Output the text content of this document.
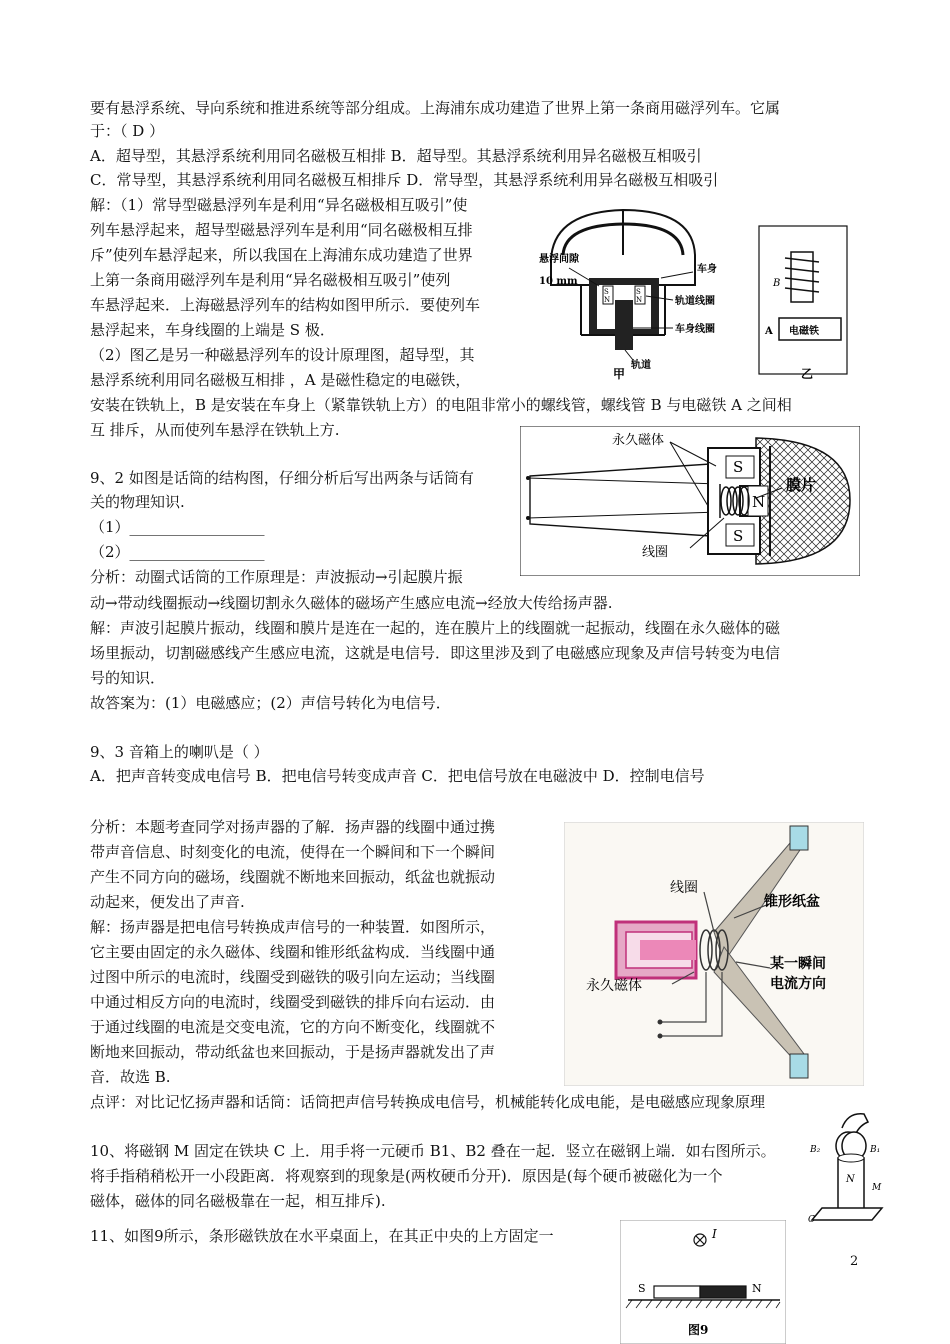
要有悬浮系统、导向系统和推进系统等部分组成。上海浦东成功建造了世界上第一条商用磁浮列车。它属
于：（ D ）
A．超导型，其悬浮系统利用同名磁极互相排 B．超导型。其悬浮系统利用异名磁极互相吸引
C．常导型，其悬浮系统利用同名磁极互相排斥 D．常导型，其悬浮系统利用异名磁极互相吸引
解：（1）常导型磁悬浮列车是利用“异名磁极相互吸引”使
列车悬浮起来，超导型磁悬浮列车是利用“同名磁极相互排
斥”使列车悬浮起来，所以我国在上海浦东成功建造了世界
上第一条商用磁浮列车是利用“异名磁极相互吸引”使列
车悬浮起来．上海磁悬浮列车的结构如图甲所示．要使列车
悬浮起来，车身线圈的上端是 S 极．
（2）图乙是另一种磁悬浮列车的设计原理图，超导型，其
悬浮系统利用同名磁极互相排 ，A 是磁性稳定的电磁铁，
安装在铁轨上，B 是安装在车身上（紧靠铁轨上方）的电阻非常小的螺线管，螺线管 B 与电磁铁 A 之间相
互 排斥，从而使列车悬浮在铁轨上方.
S
N
S
N
悬浮间隙
10 mm
车身
轨道线圈
车身线圈
轨道
甲
B
A 电磁铁
乙
9、2 如图是话筒的结构图，仔细分析后写出两条与话筒有
关的物理知识.
（1）__________________
（2）__________________
分析：动圈式话筒的工作原理是：声波振动→引起膜片振
动→带动线圈振动→线圈切割永久磁体的磁场产生感应电流→经放大传给扬声器.
解：声波引起膜片振动，线圈和膜片是连在一起的，连在膜片上的线圈就一起振动，线圈在永久磁体的磁
场里振动，切割磁感线产生感应电流，这就是电信号．即这里涉及到了电磁感应现象及声信号转变为电信
号的知识．
故答案为：(1）电磁感应；(2）声信号转化为电信号．
S
N
S
永久磁体
膜片
线圈
9、3 音箱上的喇叭是（ ）
A．把声音转变成电信号 B．把电信号转变成声音 C．把电信号放在电磁波中 D．控制电信号
分析：本题考查同学对扬声器的了解．扬声器的线圈中通过携
带声音信息、时刻变化的电流，使得在一个瞬间和下一个瞬间
产生不同方向的磁场，线圈就不断地来回振动，纸盆也就振动
动起来，便发出了声音.
解：扬声器是把电信号转换成声信号的一种装置．如图所示，
它主要由固定的永久磁体、线圈和锥形纸盆构成．当线圈中通
过图中所示的电流时，线圈受到磁铁的吸引向左运动；当线圈
中通过相反方向的电流时，线圈受到磁铁的排斥向右运动．由
于通过线圈的电流是交变电流，它的方向不断变化，线圈就不
断地来回振动，带动纸盆也来回振动，于是扬声器就发出了声
音．故选 B.
点评：对比记忆扬声器和话筒：话筒把声信号转换成电信号，机械能转化成电能，是电磁感应现象原理
线圈
锥形纸盆
某一瞬间
电流方向
永久磁体
10、将磁钢 M 固定在铁块 C 上．用手将一元硬币 B1、B2 叠在一起．竖立在磁钢上端．如右图所示。
将手指稍稍松开一小段距离．将观察到的现象是(两枚硬币分开)．原因是(每个硬币被磁化为一个
磁体，磁体的同名磁极靠在一起，相互排斥).
B₂	B₁
N
M
C
11、如图9所示，条形磁铁放在水平桌面上，在其正中央的上方固定一	I
S	N
图9
2
